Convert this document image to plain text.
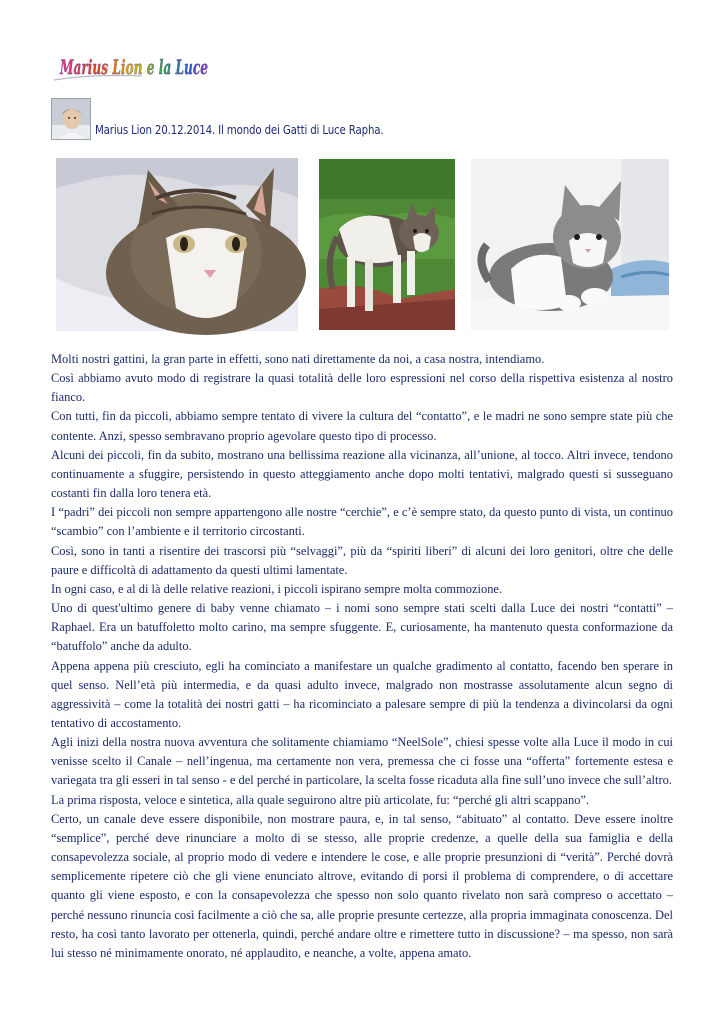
Marius Lion e la Luce
Marius Lion 20.12.2014. Il mondo dei Gatti di Luce Rapha.

Molti nostri gattini, la gran parte in effetti, sono nati direttamente da noi, a casa nostra, intendiamo.

Così abbiamo avuto modo di registrare la quasi totalità delle loro espressioni nel corso della rispettiva esistenza al nostro fianco.

Con tutti, fin da piccoli, abbiamo sempre tentato di vivere la cultura del “contatto”, e le madri ne sono sempre state più che contente. Anzi, spesso sembravano proprio agevolare questo tipo di processo.

Alcuni dei piccoli, fin da subito, mostrano una bellissima reazione alla vicinanza, all’unione, al tocco. Altri invece, tendono continuamente a sfuggire, persistendo in questo atteggiamento anche dopo molti tentativi, malgrado questi si susseguano costanti fin dalla loro tenera età.

I “padri” dei piccoli non sempre appartengono alle nostre “cerchie”, e c’è sempre stato, da questo punto di vista, un continuo “scambio” con l’ambiente e il territorio circostanti.

Così, sono in tanti a risentire dei trascorsi più “selvaggi”, più da “spiriti liberi” di alcuni dei loro genitori, oltre che delle paure e difficoltà di adattamento da questi ultimi lamentate.

In ogni caso, e al di là delle relative reazioni, i piccoli ispirano sempre molta commozione.

Uno di quest'ultimo genere di baby venne chiamato – i nomi sono sempre stati scelti dalla Luce dei nostri “contatti” – Raphael. Era un batuffoletto molto carino, ma sempre sfuggente. E, curiosamente, ha mantenuto questa conformazione da “batuffolo” anche da adulto.

Appena appena più cresciuto, egli ha cominciato a manifestare un qualche gradimento al contatto, facendo ben sperare in quel senso. Nell’età più intermedia, e da quasi adulto invece, malgrado non mostrasse assolutamente alcun segno di aggressività – come la totalità dei nostri gatti – ha ricominciato a palesare sempre di più la tendenza a divincolarsi da ogni tentativo di accostamento.

Agli inizi della nostra nuova avventura che solitamente chiamiamo “NeelSole”, chiesi spesse volte alla Luce il modo in cui venisse scelto il Canale – nell’ingenua, ma certamente non vera, premessa che ci fosse una “offerta” fortemente estesa e variegata tra gli esseri in tal senso - e del perché in particolare, la scelta fosse ricaduta alla fine sull’uno invece che sull’altro.

La prima risposta, veloce e sintetica, alla quale seguirono altre più articolate, fu: “perché gli altri scappano”.

Certo, un canale deve essere disponibile, non mostrare paura, e, in tal senso, “abituato” al contatto. Deve essere inoltre “semplice”, perché deve rinunciare a molto di se stesso, alle proprie credenze, a quelle della sua famiglia e della consapevolezza sociale, al proprio modo di vedere e intendere le cose, e alle proprie presunzioni di “verità”. Perché dovrà semplicemente ripetere ciò che gli viene enunciato altrove, evitando di porsi il problema di comprendere, o di accettare quanto gli viene esposto, e con la consapevolezza che spesso non solo quanto rivelato non sarà compreso o accettato – perché nessuno rinuncia così facilmente a ciò che sa, alle proprie presunte certezze, alla propria immaginata conoscenza. Del resto, ha così tanto lavorato per ottenerla, quindi, perché andare oltre e rimettere tutto in discussione? – ma spesso, non sarà lui stesso né minimamente onorato, né applaudito, e neanche, a volte, appena amato.
